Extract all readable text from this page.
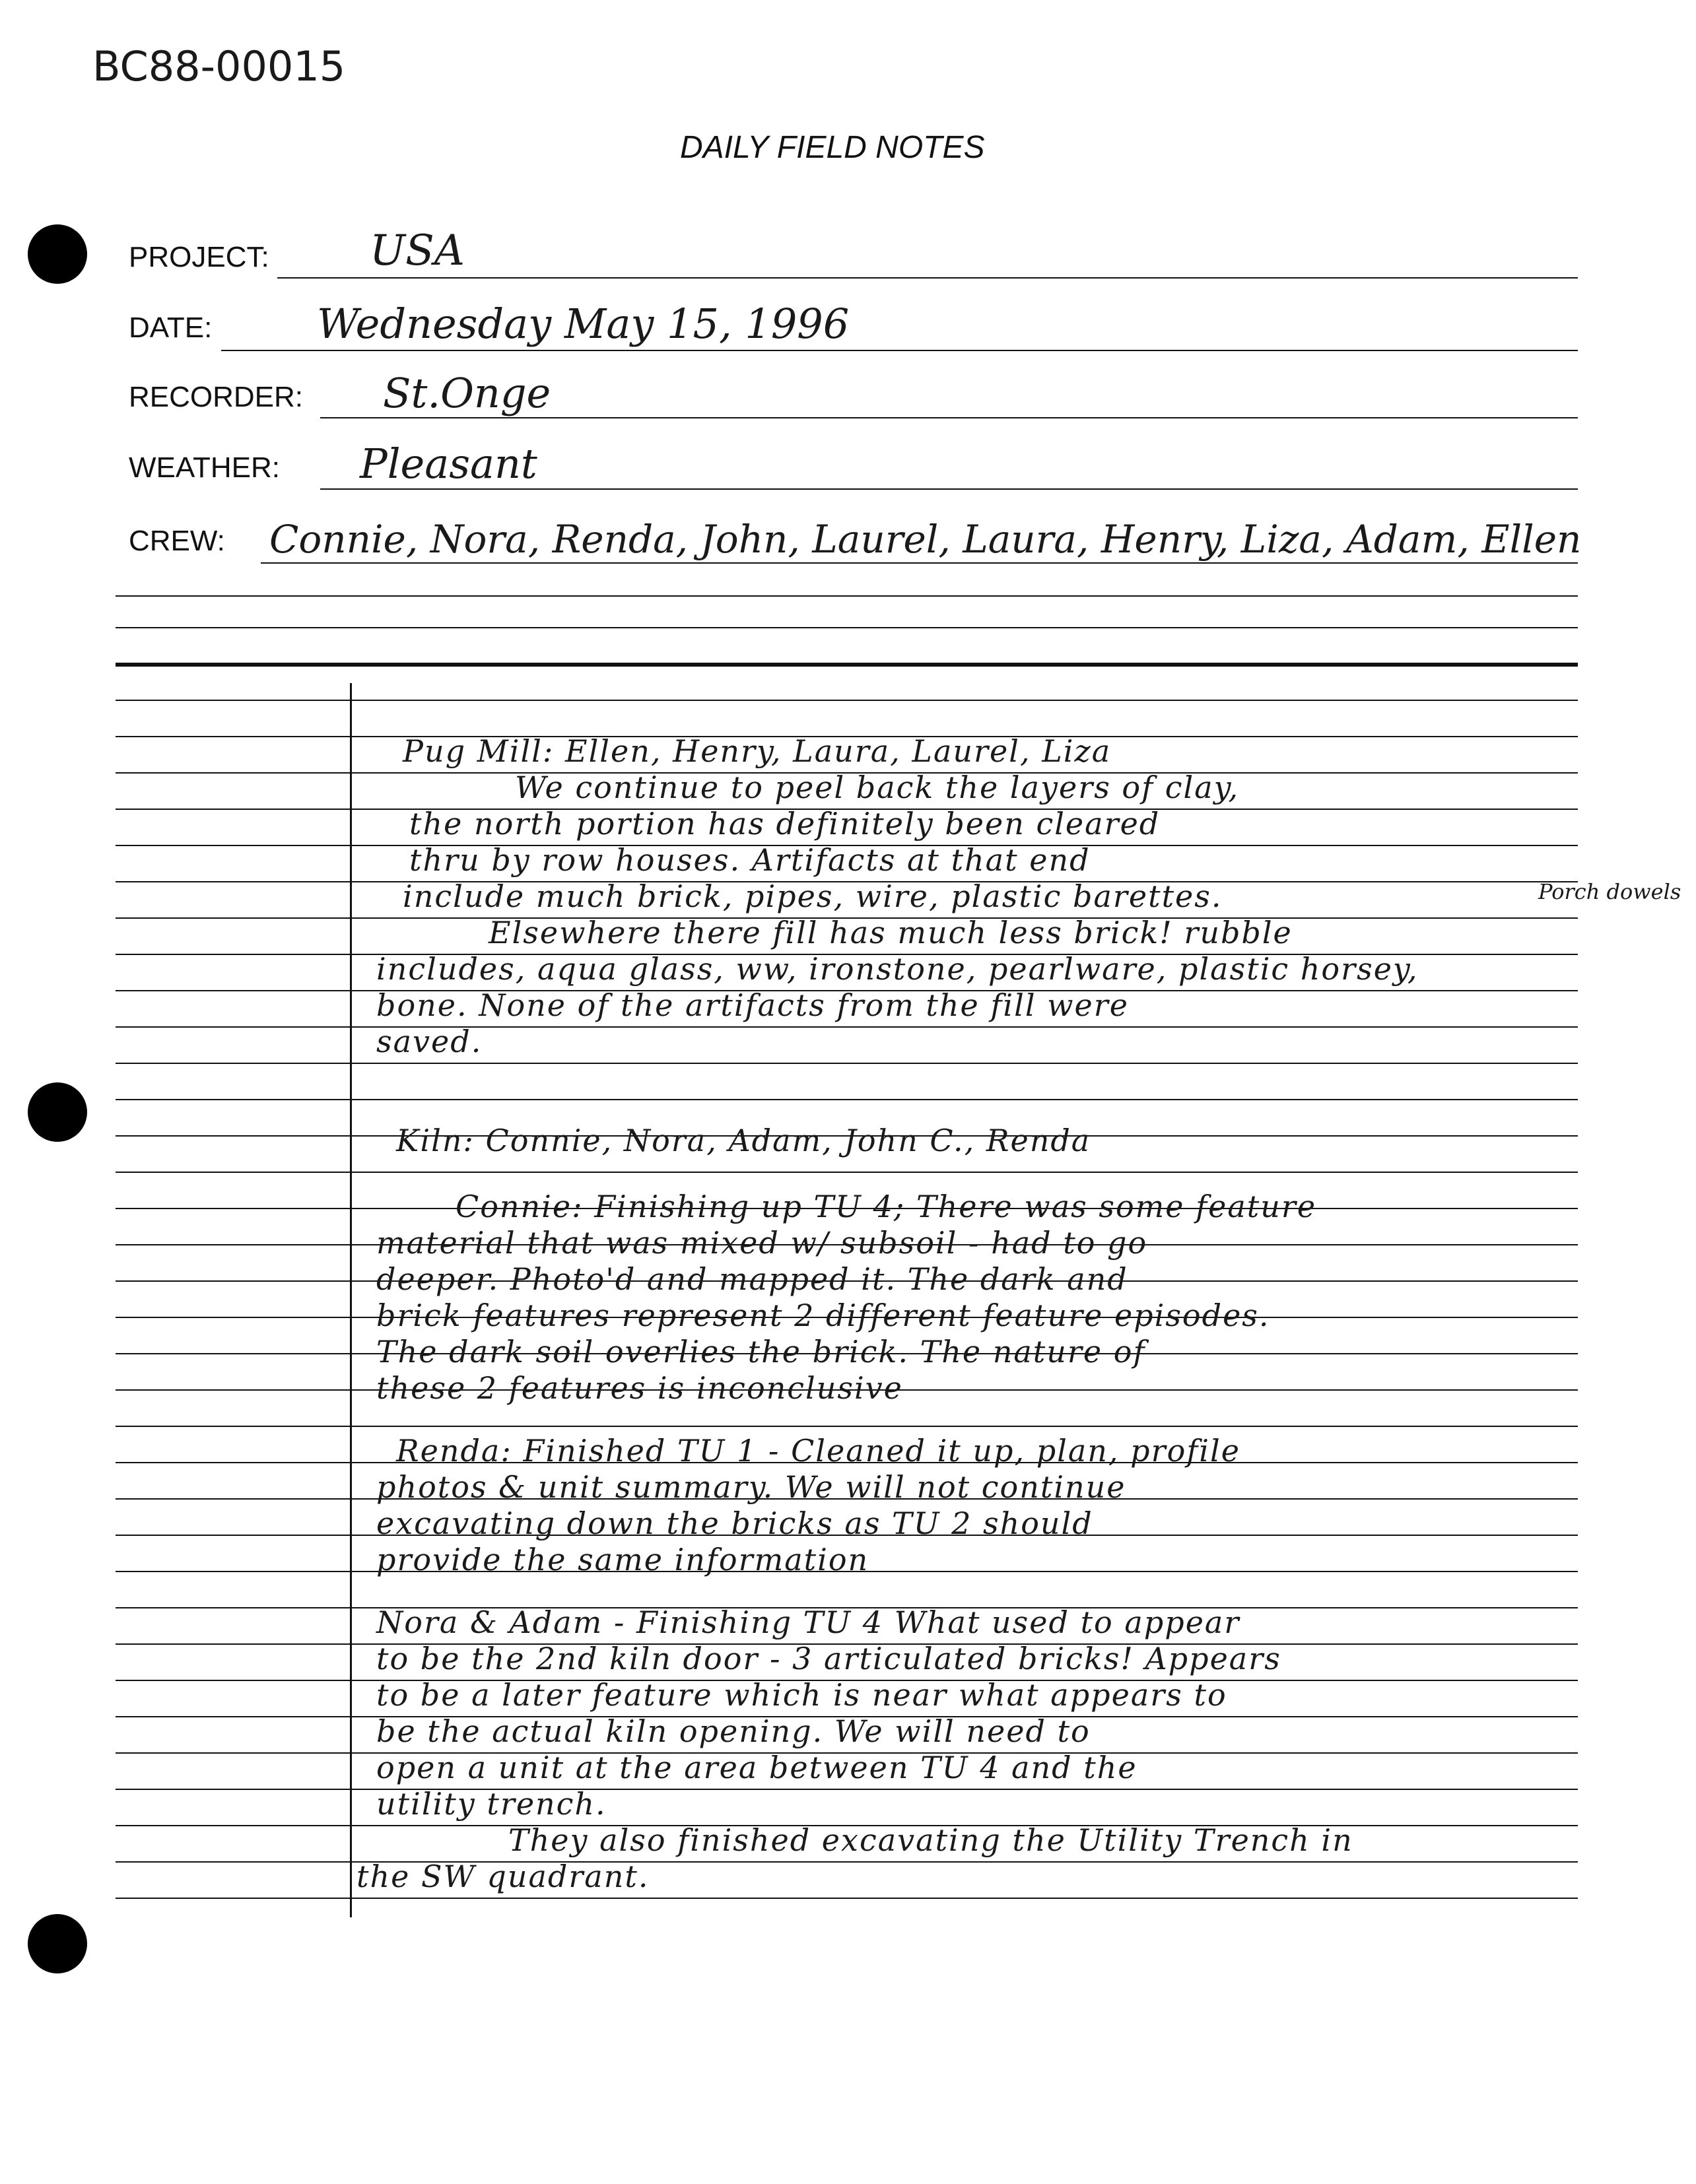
BC88-00015
DAILY FIELD NOTES
PROJECT: USA
DATE:	Wednesday May 15, 1996
RECORDER: St.Onge
WEATHER: Pleasant
CREW: Connie, Nora, Renda, John, Laurel, Laura, Henry, Liza, Adam, Ellen
Pug Mill: Ellen, Henry, Laura, Laurel, Liza
We continue to peel back the layers of clay,
the north portion has definitely been cleared
thru by row houses. Artifacts at that end
include much brick, pipes, wire, plastic barettes.	Porch dowels
Elsewhere there fill has much less brick! rubble
includes, aqua glass, ww, ironstone, pearlware, plastic horsey,
bone. None of the artifacts from the fill were
saved.
Kiln: Connie, Nora, Adam, John C., Renda
Connie: Finishing up TU 4; There was some feature
material that was mixed w/ subsoil - had to go
deeper. Photo'd and mapped it. The dark and
brick features represent 2 different feature episodes.
The dark soil overlies the brick. The nature of
these 2 features is inconclusive
Renda: Finished TU 1 - Cleaned it up, plan, profile
photos & unit summary. We will not continue
excavating down the bricks as TU 2 should
provide the same information
Nora & Adam - Finishing TU 4 What used to appear
to be the 2nd kiln door - 3 articulated bricks! Appears
to be a later feature which is near what appears to
be the actual kiln opening. We will need to
open a unit at the area between TU 4 and the
utility trench.
They also finished excavating the Utility Trench in
the SW quadrant.
